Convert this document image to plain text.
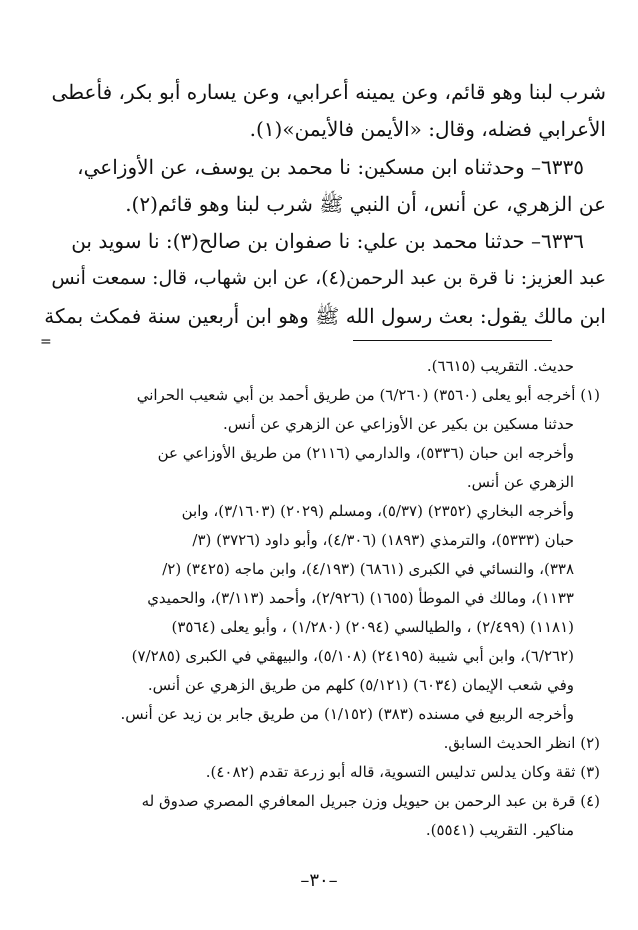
شرب لبنا وهو قائم، وعن يمينه أعرابي، وعن يساره أبو بكر، فأعطى
الأعرابي فضله، وقال: «الأيمن فالأيمن»(١).
٦٣٣٥– وحدثناه ابن مسكين: نا محمد بن يوسف، عن الأوزاعي،
عن الزهري، عن أنس، أن النبي ﷺ شرب لبنا وهو قائم(٢).
٦٣٣٦– حدثنا محمد بن علي: نا صفوان بن صالح(٣): نا سويد بن
عبد العزيز: نا قرة بن عبد الرحمن(٤)، عن ابن شهاب، قال: سمعت أنس
ابن مالك يقول: بعث رسول الله ﷺ وهو ابن أربعين سنة فمكث بمكة
=
حديث. التقريب (٦٦١٥).
(١) أخرجه أبو يعلى (٣٥٦٠) (٦/٢٦٠) من طريق أحمد بن أبي شعيب الحراني
حدثنا مسكين بن بكير عن الأوزاعي عن الزهري عن أنس.
وأخرجه ابن حبان (٥٣٣٦)، والدارمي (٢١١٦) من طريق الأوزاعي عن
الزهري عن أنس.
وأخرجه البخاري (٢٣٥٢) (٥/٣٧)، ومسلم (٢٠٢٩) (٣/١٦٠٣)، وابن
حبان (٥٣٣٣)، والترمذي (١٨٩٣) (٤/٣٠٦)، وأبو داود (٣٧٢٦) (٣/
٣٣٨)، والنسائي في الكبرى (٦٨٦١) (٤/١٩٣)، وابن ماجه (٣٤٢٥) (٢/
١١٣٣)، ومالك في الموطأ (١٦٥٥) (٢/٩٢٦)، وأحمد (٣/١١٣)، والحميدي
(١١٨١) (٢/٤٩٩) ، والطيالسي (٢٠٩٤) (١/٢٨٠) ، وأبو يعلى (٣٥٦٤)
(٦/٢٦٢)، وابن أبي شيبة (٢٤١٩٥) (٥/١٠٨)، والبيهقي في الكبرى (٧/٢٨٥)
وفي شعب الإيمان (٦٠٣٤) (٥/١٢١) كلهم من طريق الزهري عن أنس.
وأخرجه الربيع في مسنده (٣٨٣) (١/١٥٢) من طريق جابر بن زيد عن أنس.
(٢) انظر الحديث السابق.
(٣) ثقة وكان يدلس تدليس التسوية، قاله أبو زرعة تقدم (٤٠٨٢).
(٤) قرة بن عبد الرحمن بن حيويل وزن جبريل المعافري المصري صدوق له
مناكير. التقريب (٥٥٤١).
–٣٠–
